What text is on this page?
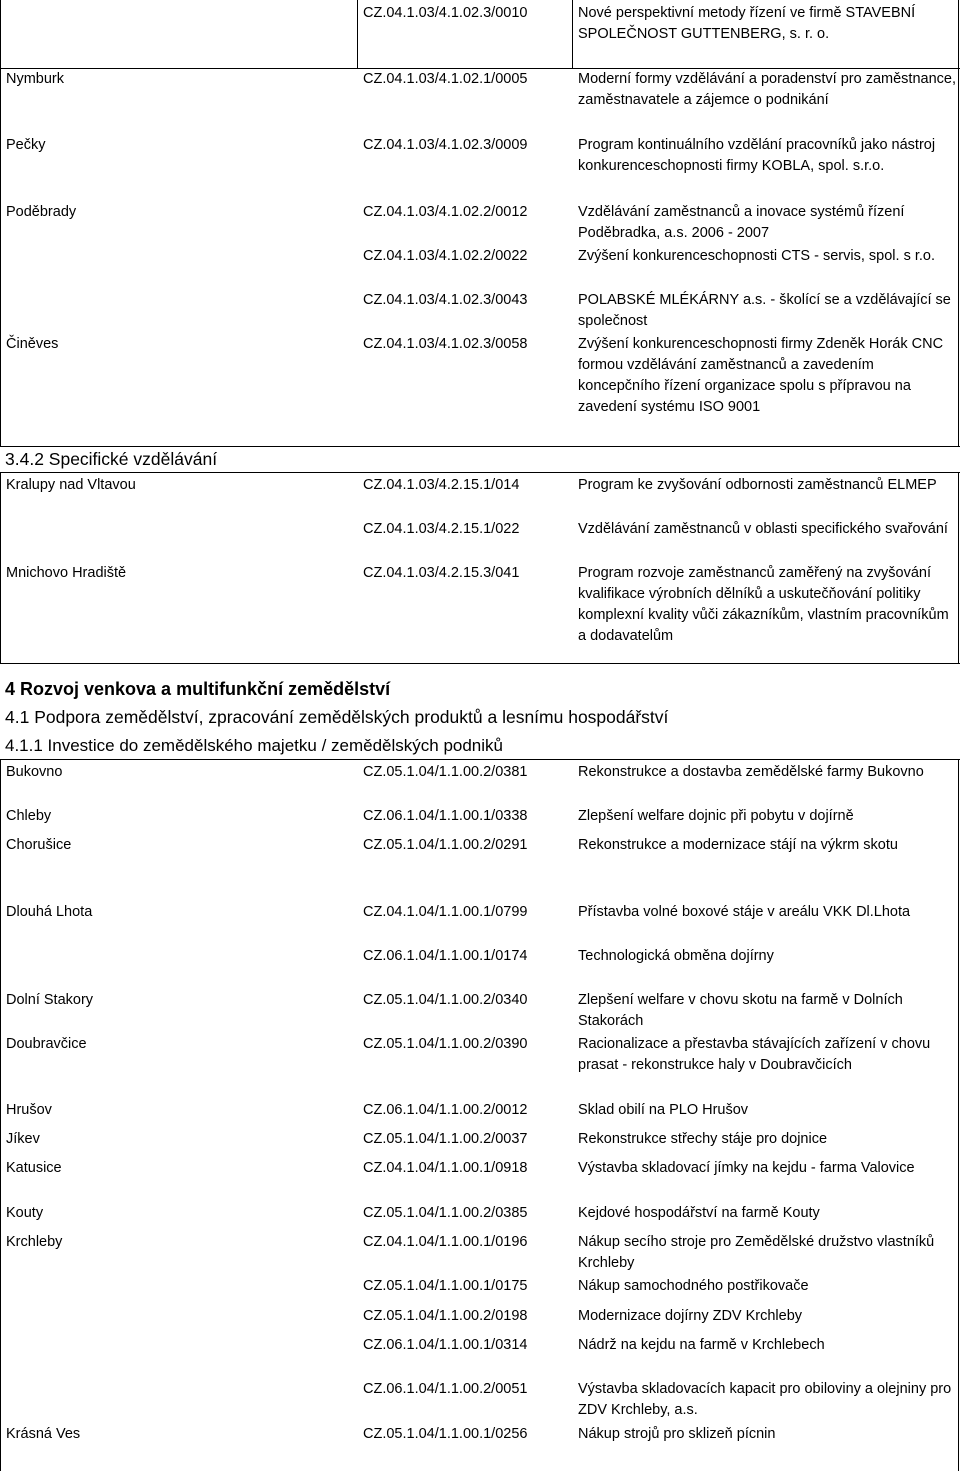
CZ.04.1.03/4.1.02.3/0010	Nové perspektivní metody řízení ve firmě STAVEBNÍ SPOLEČNOST GUTTENBERG, s. r. o.
Nymburk	CZ.04.1.03/4.1.02.1/0005	Moderní formy vzdělávání a poradenství pro zaměstnance, zaměstnavatele a zájemce o podnikání
Pečky	CZ.04.1.03/4.1.02.3/0009	Program kontinuálního vzdělání pracovníků jako nástroj konkurenceschopnosti firmy KOBLA, spol. s.r.o.
Poděbrady	CZ.04.1.03/4.1.02.2/0012	Vzdělávání zaměstnanců a inovace systémů řízení Poděbradka, a.s. 2006 - 2007
CZ.04.1.03/4.1.02.2/0022	Zvýšení konkurenceschopnosti CTS - servis, spol. s r.o.
CZ.04.1.03/4.1.02.3/0043	POLABSKÉ MLÉKÁRNY a.s. - školící se a vzdělávající se společnost
Činěves	CZ.04.1.03/4.1.02.3/0058	Zvýšení konkurenceschopnosti firmy Zdeněk Horák CNC formou vzdělávání zaměstnanců a zavedením koncepčního řízení organizace spolu s přípravou na zavedení systému ISO 9001
3.4.2 Specifické vzdělávání
Kralupy nad Vltavou	CZ.04.1.03/4.2.15.1/014	Program ke zvyšování odbornosti zaměstnanců ELMEP
CZ.04.1.03/4.2.15.1/022	Vzdělávání zaměstnanců v oblasti specifického svařování
Mnichovo Hradiště	CZ.04.1.03/4.2.15.3/041	Program rozvoje zaměstnanců zaměřený na zvyšování kvalifikace výrobních dělníků a uskutečňování politiky komplexní kvality vůči zákazníkům, vlastním pracovníkům a dodavatelům
4 Rozvoj venkova a multifunkční zemědělství
4.1 Podpora zemědělství, zpracování zemědělských produktů a lesnímu hospodářství
4.1.1 Investice do zemědělského majetku / zemědělských podniků
Bukovno	CZ.05.1.04/1.1.00.2/0381	Rekonstrukce a dostavba zemědělské farmy Bukovno
Chleby	CZ.06.1.04/1.1.00.1/0338	Zlepšení welfare dojnic při pobytu v dojírně
Chorušice	CZ.05.1.04/1.1.00.2/0291	Rekonstrukce a modernizace stájí na výkrm skotu
Dlouhá Lhota	CZ.04.1.04/1.1.00.1/0799	Přístavba volné boxové stáje v areálu VKK Dl.Lhota
CZ.06.1.04/1.1.00.1/0174	Technologická obměna dojírny
Dolní Stakory	CZ.05.1.04/1.1.00.2/0340	Zlepšení welfare v chovu skotu na farmě v Dolních Stakorách
Doubravčice	CZ.05.1.04/1.1.00.2/0390	Racionalizace a přestavba stávajících zařízení v chovu prasat - rekonstrukce haly v Doubravčicích
Hrušov	CZ.06.1.04/1.1.00.2/0012	Sklad obilí na PLO Hrušov
Jíkev	CZ.05.1.04/1.1.00.2/0037	Rekonstrukce střechy stáje pro dojnice
Katusice	CZ.04.1.04/1.1.00.1/0918	Výstavba skladovací jímky na kejdu - farma Valovice
Kouty	CZ.05.1.04/1.1.00.2/0385	Kejdové hospodářství na farmě Kouty
Krchleby	CZ.04.1.04/1.1.00.1/0196	Nákup secího stroje pro Zemědělské družstvo vlastníků Krchleby
CZ.05.1.04/1.1.00.1/0175	Nákup samochodného postřikovače
CZ.05.1.04/1.1.00.2/0198	Modernizace dojírny ZDV Krchleby
CZ.06.1.04/1.1.00.1/0314	Nádrž na kejdu na farmě v Krchlebech
CZ.06.1.04/1.1.00.2/0051	Výstavba skladovacích kapacit pro obiloviny a olejniny pro ZDV Krchleby, a.s.
Krásná Ves	CZ.05.1.04/1.1.00.1/0256	Nákup strojů pro sklizeň pícnin
